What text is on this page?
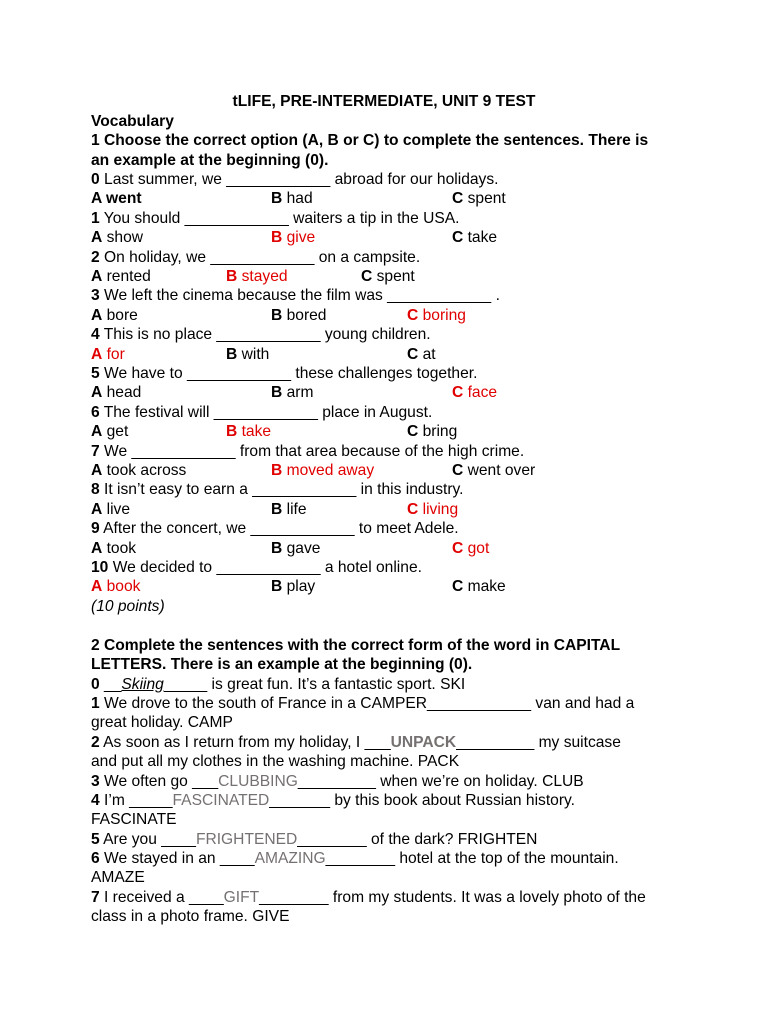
tLIFE, PRE-INTERMEDIATE, UNIT 9 TEST
Vocabulary
1 Choose the correct option (A, B or C) to complete the sentences. There is
an example at the beginning (0).
0 Last summer, we ____________ abroad for our holidays.
A went	B had	C spent
1 You should ____________ waiters a tip in the USA.
A show	B give	C take
2 On holiday, we ____________ on a campsite.
A rented	B stayed	C spent
3 We left the cinema because the film was ____________ .
A bore	B bored	C boring
4 This is no place ____________ young children.
A for	B with	C at
5 We have to ____________ these challenges together.
A head	B arm	C face
6 The festival will ____________ place in August.
A get	B take	C bring
7 We ____________ from that area because of the high crime.
A took across	B moved away	C went over
8 It isn’t easy to earn a ____________ in this industry.
A live	B life	C living
9 After the concert, we ____________ to meet Adele.
A took	B gave	C got
10 We decided to ____________ a hotel online.
A book	B play	C make
(10 points)
2 Complete the sentences with the correct form of the word in CAPITAL
LETTERS. There is an example at the beginning (0).
0 __Skiing_____ is great fun. It’s a fantastic sport. SKI
1 We drove to the south of France in a CAMPER____________ van and had a
great holiday. CAMP
2 As soon as I return from my holiday, I ___UNPACK_________ my suitcase
and put all my clothes in the washing machine. PACK
3 We often go ___CLUBBING_________ when we’re on holiday. CLUB
4 I’m _____FASCINATED_______ by this book about Russian history.
FASCINATE
5 Are you ____FRIGHTENED________ of the dark? FRIGHTEN
6 We stayed in an ____AMAZING________ hotel at the top of the mountain.
AMAZE
7 I received a ____GIFT________ from my students. It was a lovely photo of the
class in a photo frame. GIVE
